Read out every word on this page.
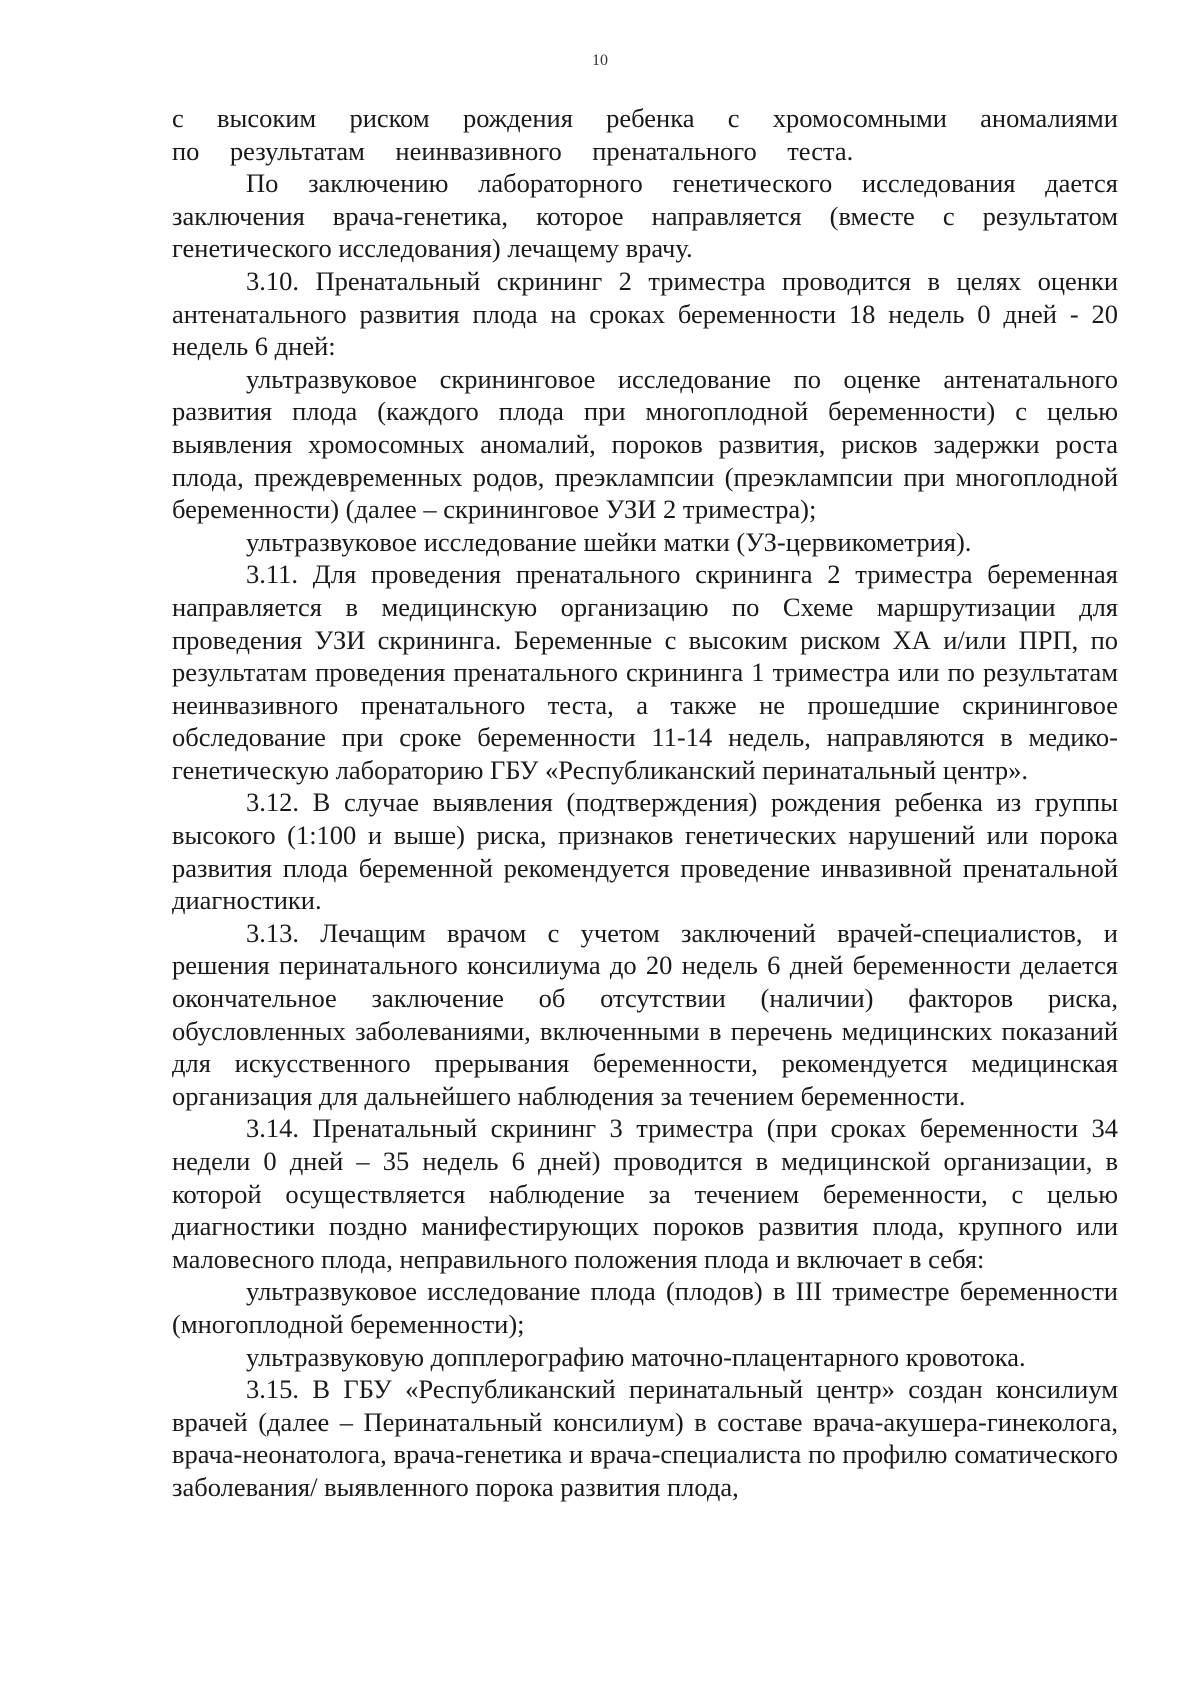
10

с высоким риском рождения ребенка с хромосомными аномалиями по результатам неинвазивного пренатального теста.

По заключению лабораторного генетического исследования дается заключения врача-генетика, которое направляется (вместе с результатом генетического исследования) лечащему врачу.

3.10. Пренатальный скрининг 2 триместра проводится в целях оценки антенатального развития плода на сроках беременности 18 недель 0 дней - 20 недель 6 дней:

ультразвуковое скрининговое исследование по оценке антенатального развития плода (каждого плода при многоплодной беременности) с целью выявления хромосомных аномалий, пороков развития, рисков задержки роста плода, преждевременных родов, преэклампсии (преэклампсии при многоплодной беременности) (далее – скрининговое УЗИ 2 триместра);

ультразвуковое исследование шейки матки (УЗ-цервикометрия).

3.11. Для проведения пренатального скрининга 2 триместра беременная направляется в медицинскую организацию по Схеме маршрутизации для проведения УЗИ скрининга. Беременные с высоким риском ХА и/или ПРП, по результатам проведения пренатального скрининга 1 триместра или по результатам неинвазивного пренатального теста, а также не прошедшие скрининговое обследование при сроке беременности 11-14 недель, направляются в медико-генетическую лабораторию ГБУ «Республиканский перинатальный центр».

3.12. В случае выявления (подтверждения) рождения ребенка из группы высокого (1:100 и выше) риска, признаков генетических нарушений или порока развития плода беременной рекомендуется проведение инвазивной пренатальной диагностики.

3.13. Лечащим врачом с учетом заключений врачей-специалистов, и решения перинатального консилиума до 20 недель 6 дней беременности делается окончательное заключение об отсутствии (наличии) факторов риска, обусловленных заболеваниями, включенными в перечень медицинских показаний для искусственного прерывания беременности, рекомендуется медицинская организация для дальнейшего наблюдения за течением беременности.

3.14. Пренатальный скрининг 3 триместра (при сроках беременности 34 недели 0 дней – 35 недель 6 дней) проводится в медицинской организации, в которой осуществляется наблюдение за течением беременности, с целью диагностики поздно манифестирующих пороков развития плода, крупного или маловесного плода, неправильного положения плода и включает в себя:

ультразвуковое исследование плода (плодов) в III триместре беременности (многоплодной беременности);

ультразвуковую допплерографию маточно-плацентарного кровотока.

3.15. В ГБУ «Республиканский перинатальный центр» создан консилиум врачей (далее – Перинатальный консилиум) в составе врача-акушера-гинеколога, врача-неонатолога, врача-генетика и врача-специалиста по профилю соматического заболевания/ выявленного порока развития плода,
